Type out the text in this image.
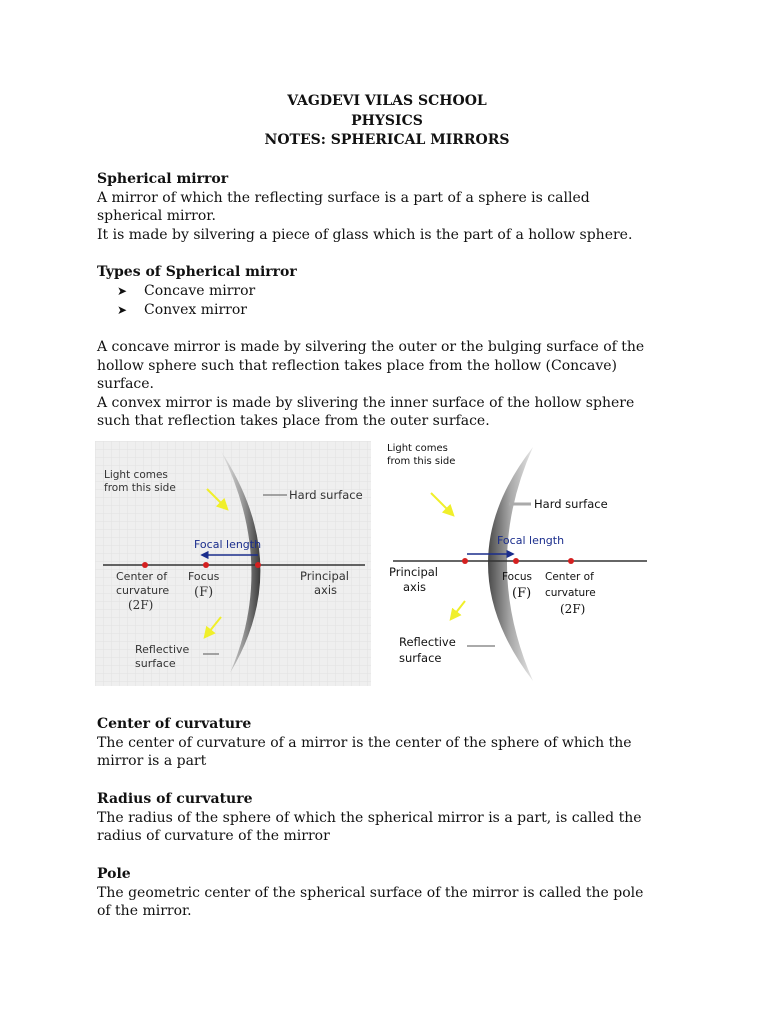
VAGDEVI VILAS SCHOOL
PHYSICS
NOTES: SPHERICAL MIRRORS

Spherical mirror

A mirror of which the reflecting surface is a part of a sphere is called

spherical mirror.

It is made by silvering a piece of glass which is the part of a hollow sphere.

Types of Spherical mirror

➤ Concave mirror
➤ Convex mirror

A concave mirror is made by silvering the outer or the bulging surface of the

hollow sphere such that reflection takes place from the hollow (Concave)

surface.

A convex mirror is made by slivering the inner surface of the hollow sphere

such that reflection takes place from the outer surface.

Light comes
from this side	Hard surface
Focal length
Center of
curvature
(2F)
Focus
(F)
Principal
axis
Reflective
surface
Light comes
from this side
Hard surface
Focal length
Principal
axis
Focus
(F)
Center of
curvature
(2F)
Reflective
surface

Center of curvature

The center of curvature of a mirror is the center of the sphere of which the

mirror is a part

Radius of curvature

The radius of the sphere of which the spherical mirror is a part, is called the

radius of curvature of the mirror

Pole

The geometric center of the spherical surface of the mirror is called the pole

of the mirror.
